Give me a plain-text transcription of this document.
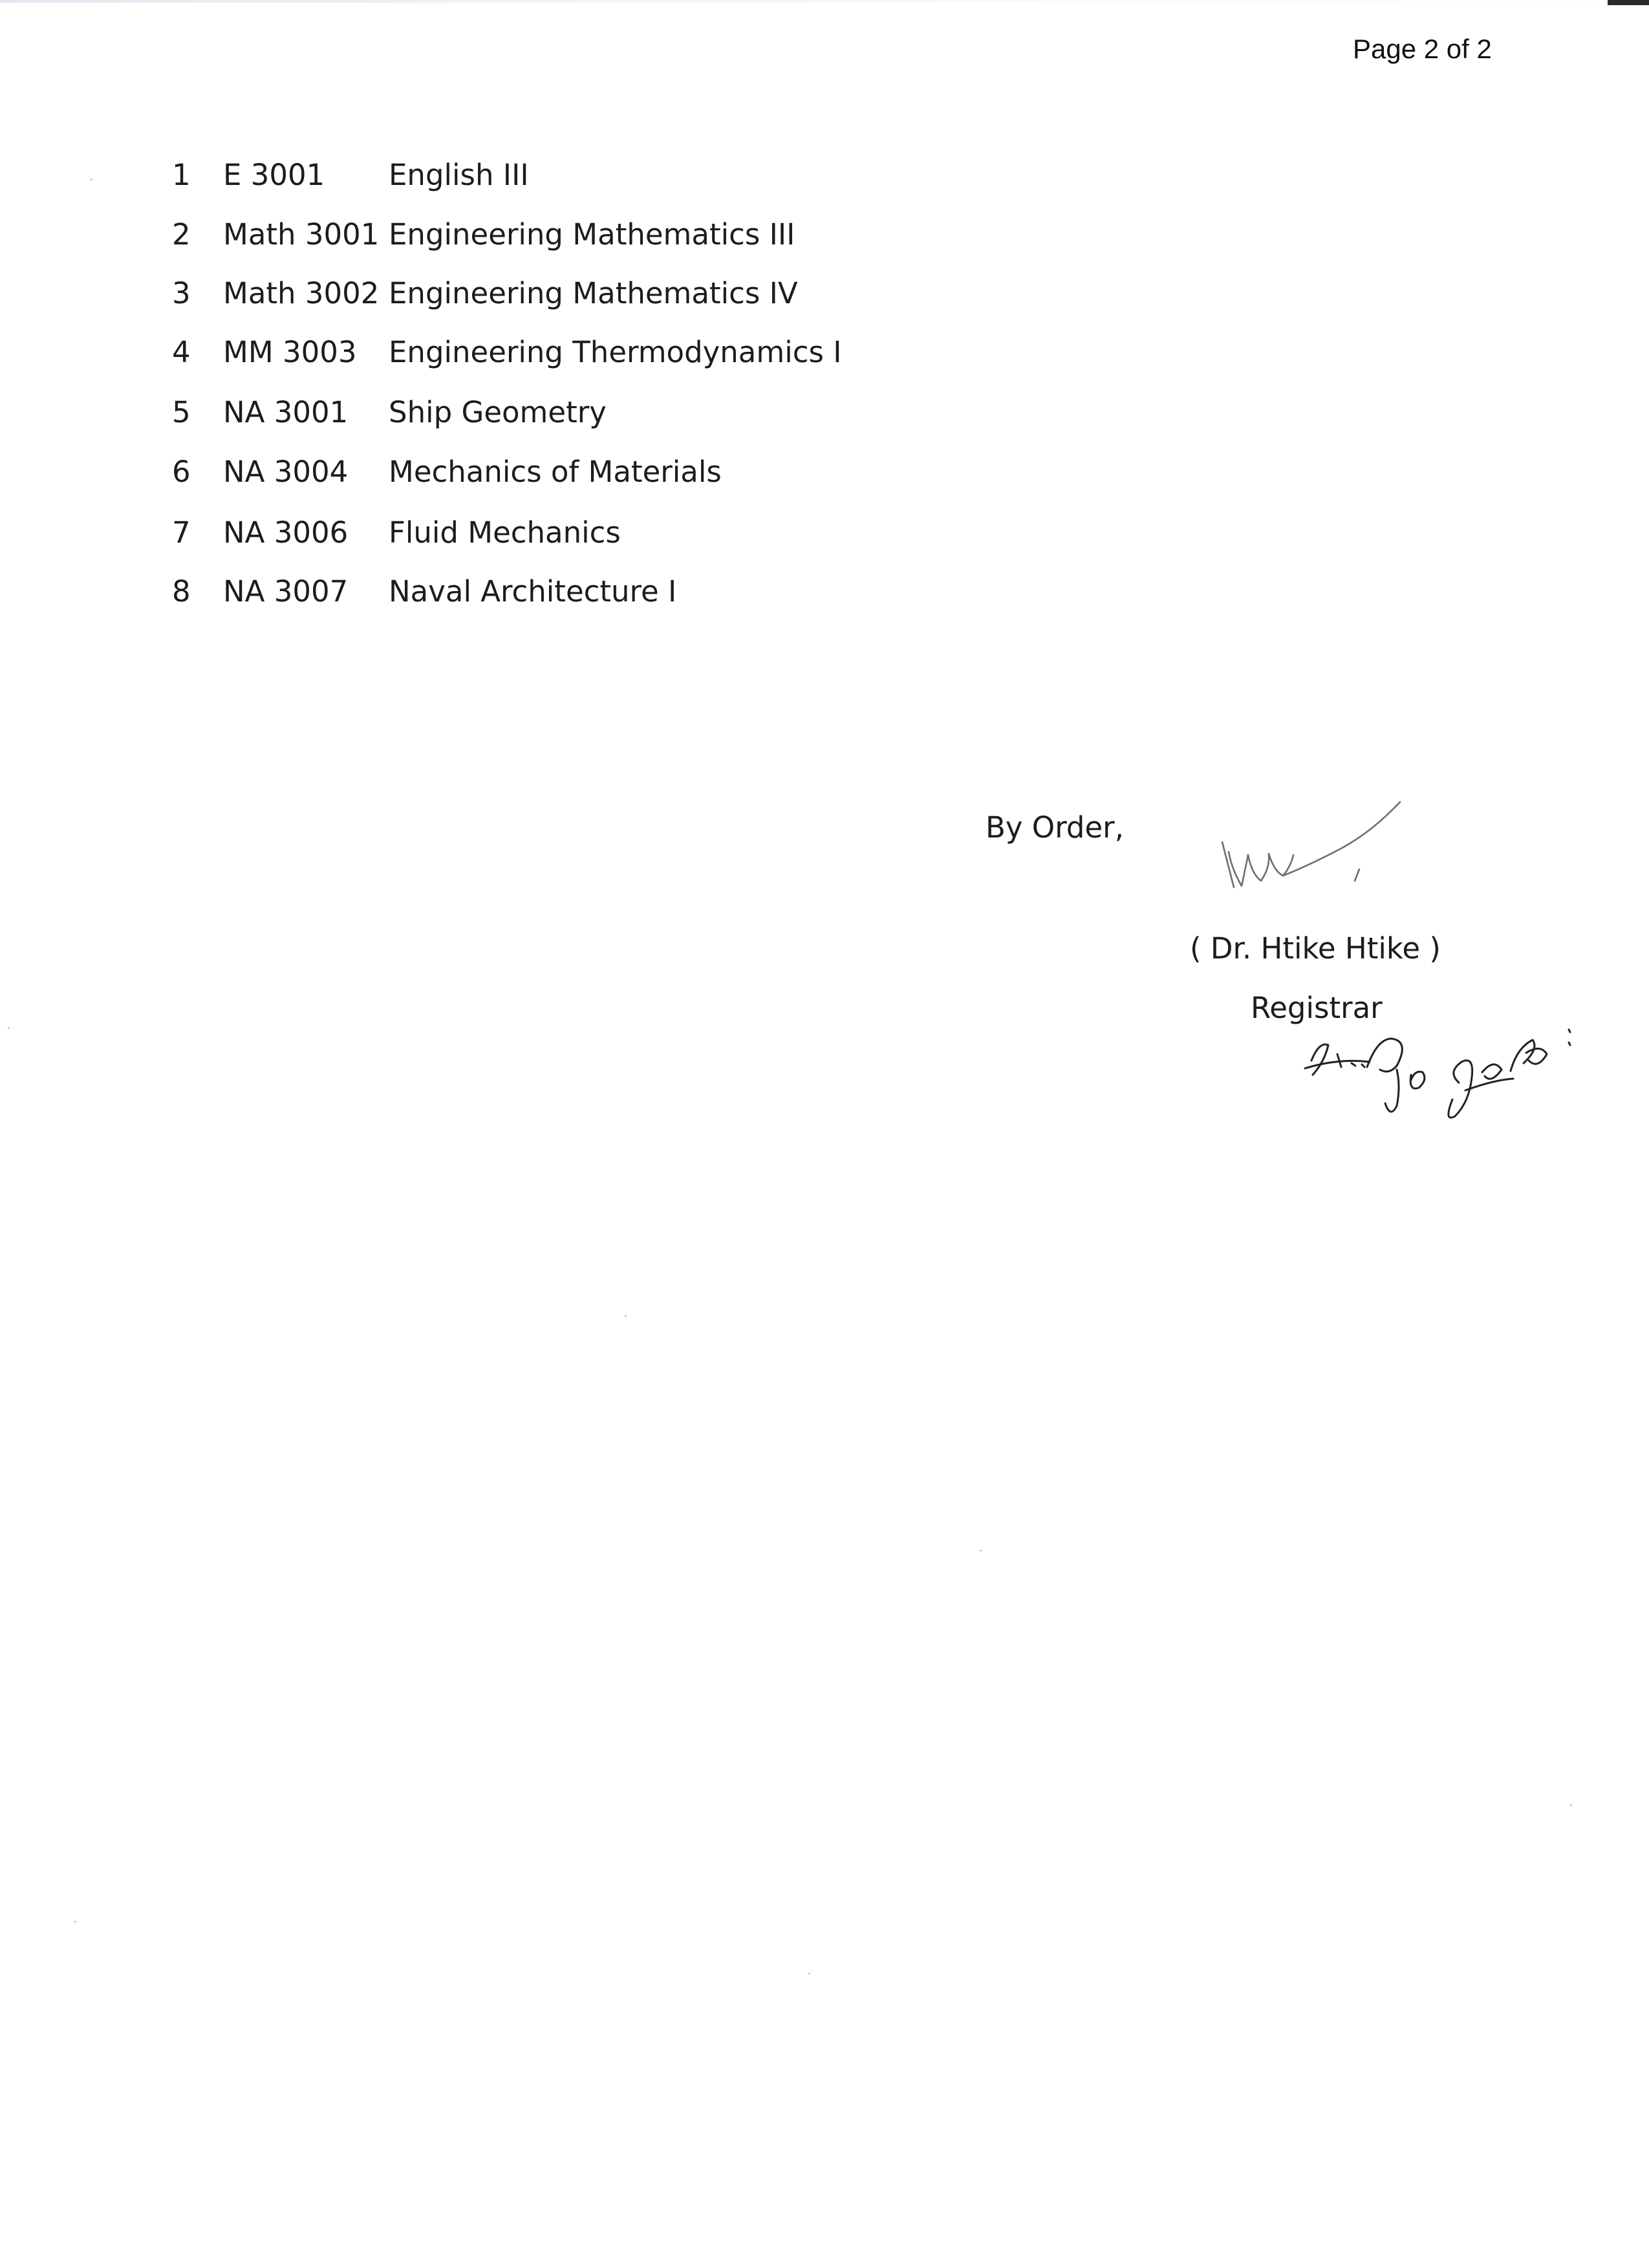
Page 2 of 2
1 E 3001 English III
2 Math 3001 Engineering Mathematics III
3 Math 3002 Engineering Mathematics IV
4 MM 3003 Engineering Thermodynamics I
5 NA 3001 Ship Geometry
6 NA 3004 Mechanics of Materials
7 NA 3006 Fluid Mechanics
8 NA 3007 Naval Architecture I
By Order,
( Dr. Htike Htike )
Registrar
